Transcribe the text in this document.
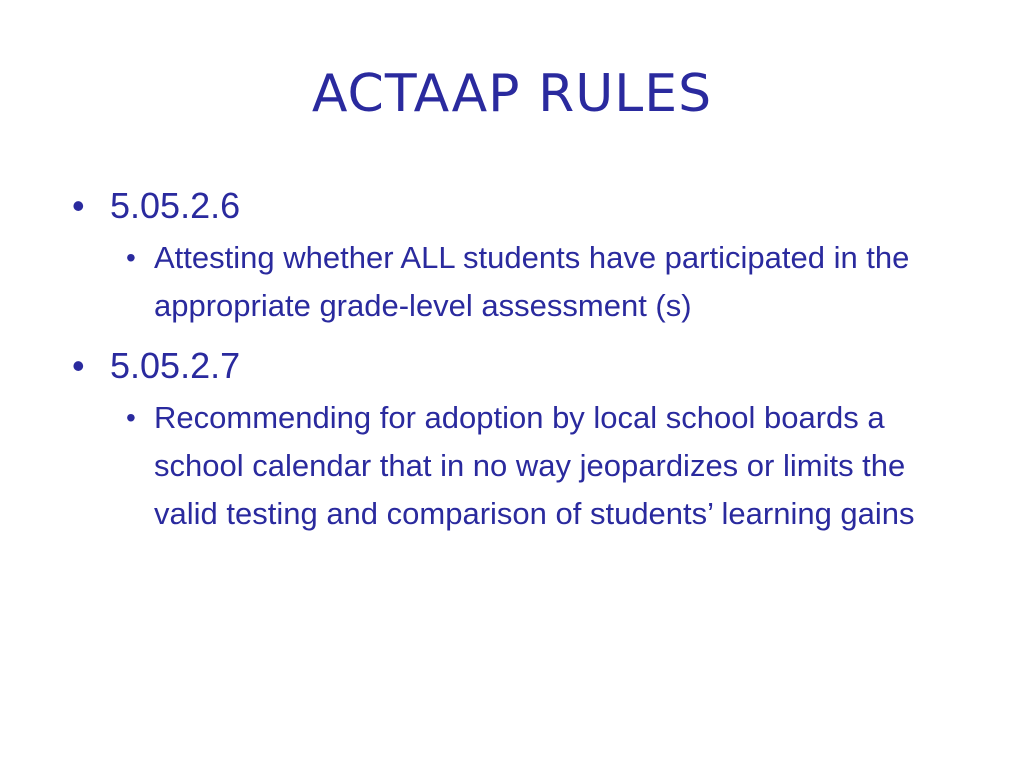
ACTAAP RULES
• 5.05.2.6
• Attesting whether ALL students have participated in the appropriate grade-level assessment (s)
• 5.05.2.7
• Recommending for adoption by local school boards a school calendar that in no way jeopardizes or limits the valid testing and comparison of students’ learning gains
